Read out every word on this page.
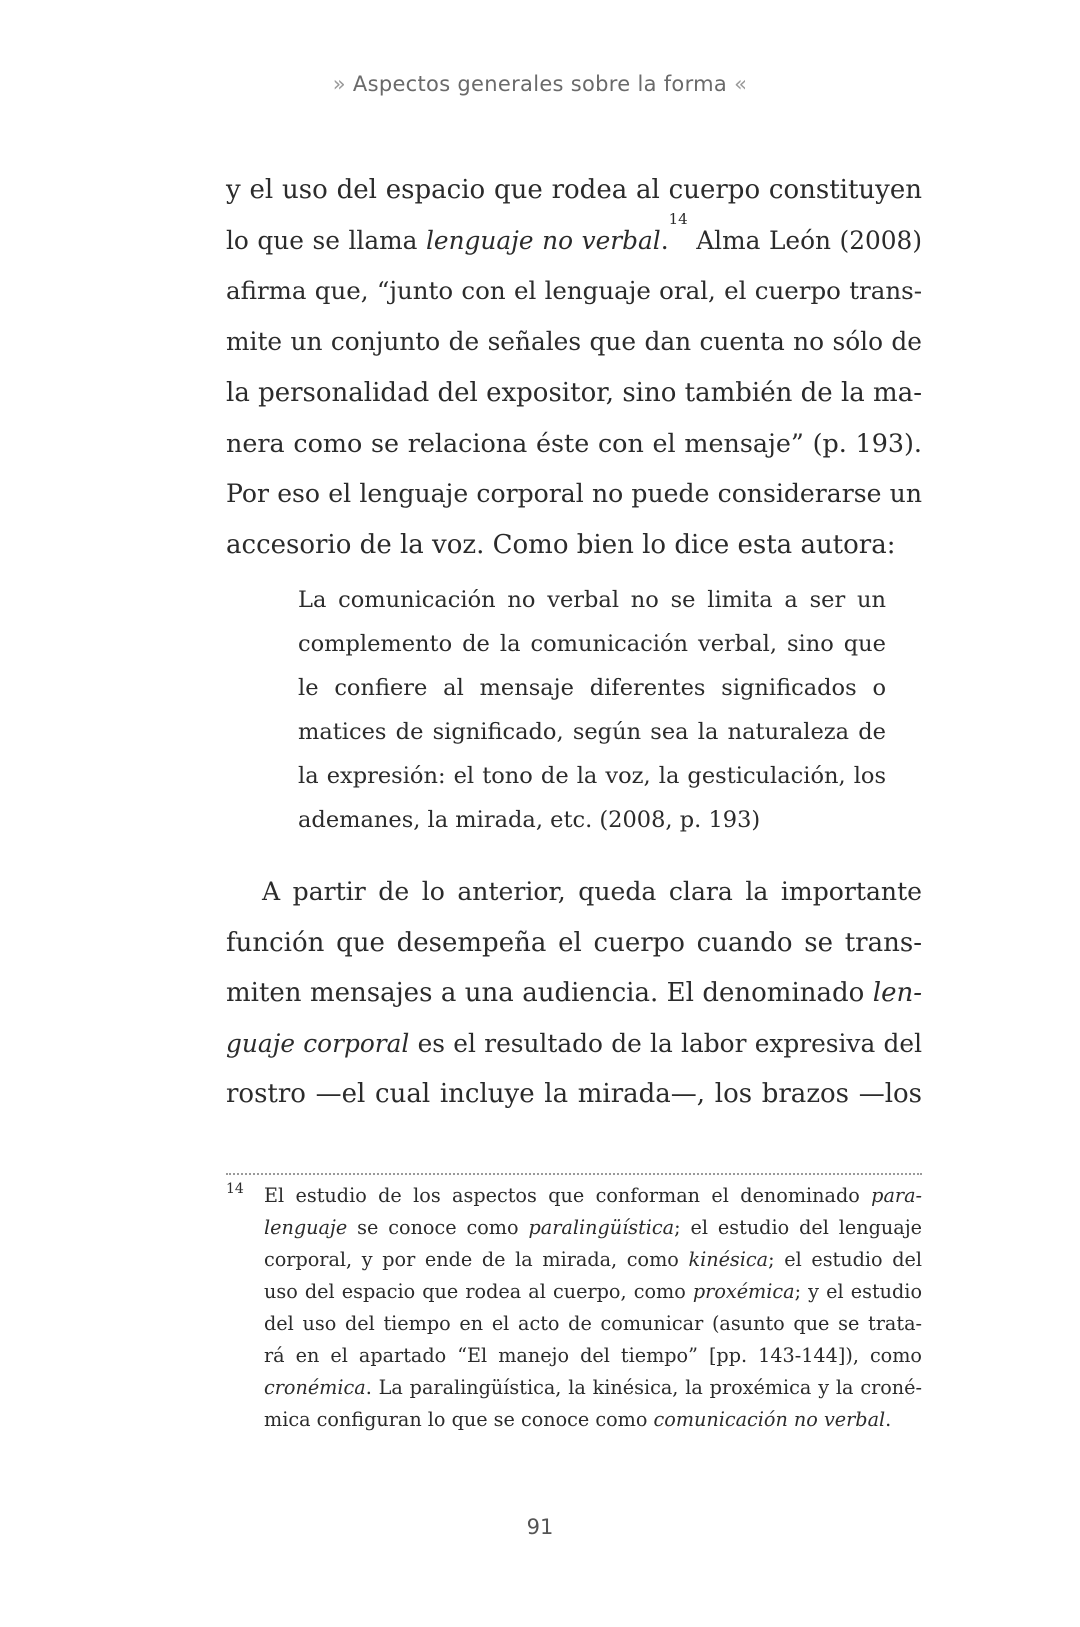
» Aspectos generales sobre la forma «
y el uso del espacio que rodea al cuerpo constituyen
lo que se llama lenguaje no verbal.$^{14}$ Alma León (2008)
afirma que, “junto con el lenguaje oral, el cuerpo trans-
mite un conjunto de señales que dan cuenta no sólo de
la personalidad del expositor, sino también de la ma-
nera como se relaciona éste con el mensaje” (p. 193).
Por eso el lenguaje corporal no puede considerarse un
accesorio de la voz. Como bien lo dice esta autora:
La comunicación no verbal no se limita a ser un
complemento de la comunicación verbal, sino que
le confiere al mensaje diferentes significados o
matices de significado, según sea la naturaleza de
la expresión: el tono de la voz, la gesticulación, los
ademanes, la mirada, etc. (2008, p. 193)
A partir de lo anterior, queda clara la importante
función que desempeña el cuerpo cuando se trans-
miten mensajes a una audiencia. El denominado len-
guaje corporal es el resultado de la labor expresiva del
rostro —el cual incluye la mirada—, los brazos —los
14 El estudio de los aspectos que conforman el denominado para-
lenguaje se conoce como paralingüística; el estudio del lenguaje
corporal, y por ende de la mirada, como kinésica; el estudio del
uso del espacio que rodea al cuerpo, como proxémica; y el estudio
del uso del tiempo en el acto de comunicar (asunto que se trata-
rá en el apartado “El manejo del tiempo” [pp. 143-144]), como
cronémica. La paralingüística, la kinésica, la proxémica y la croné-
mica configuran lo que se conoce como comunicación no verbal.
91
